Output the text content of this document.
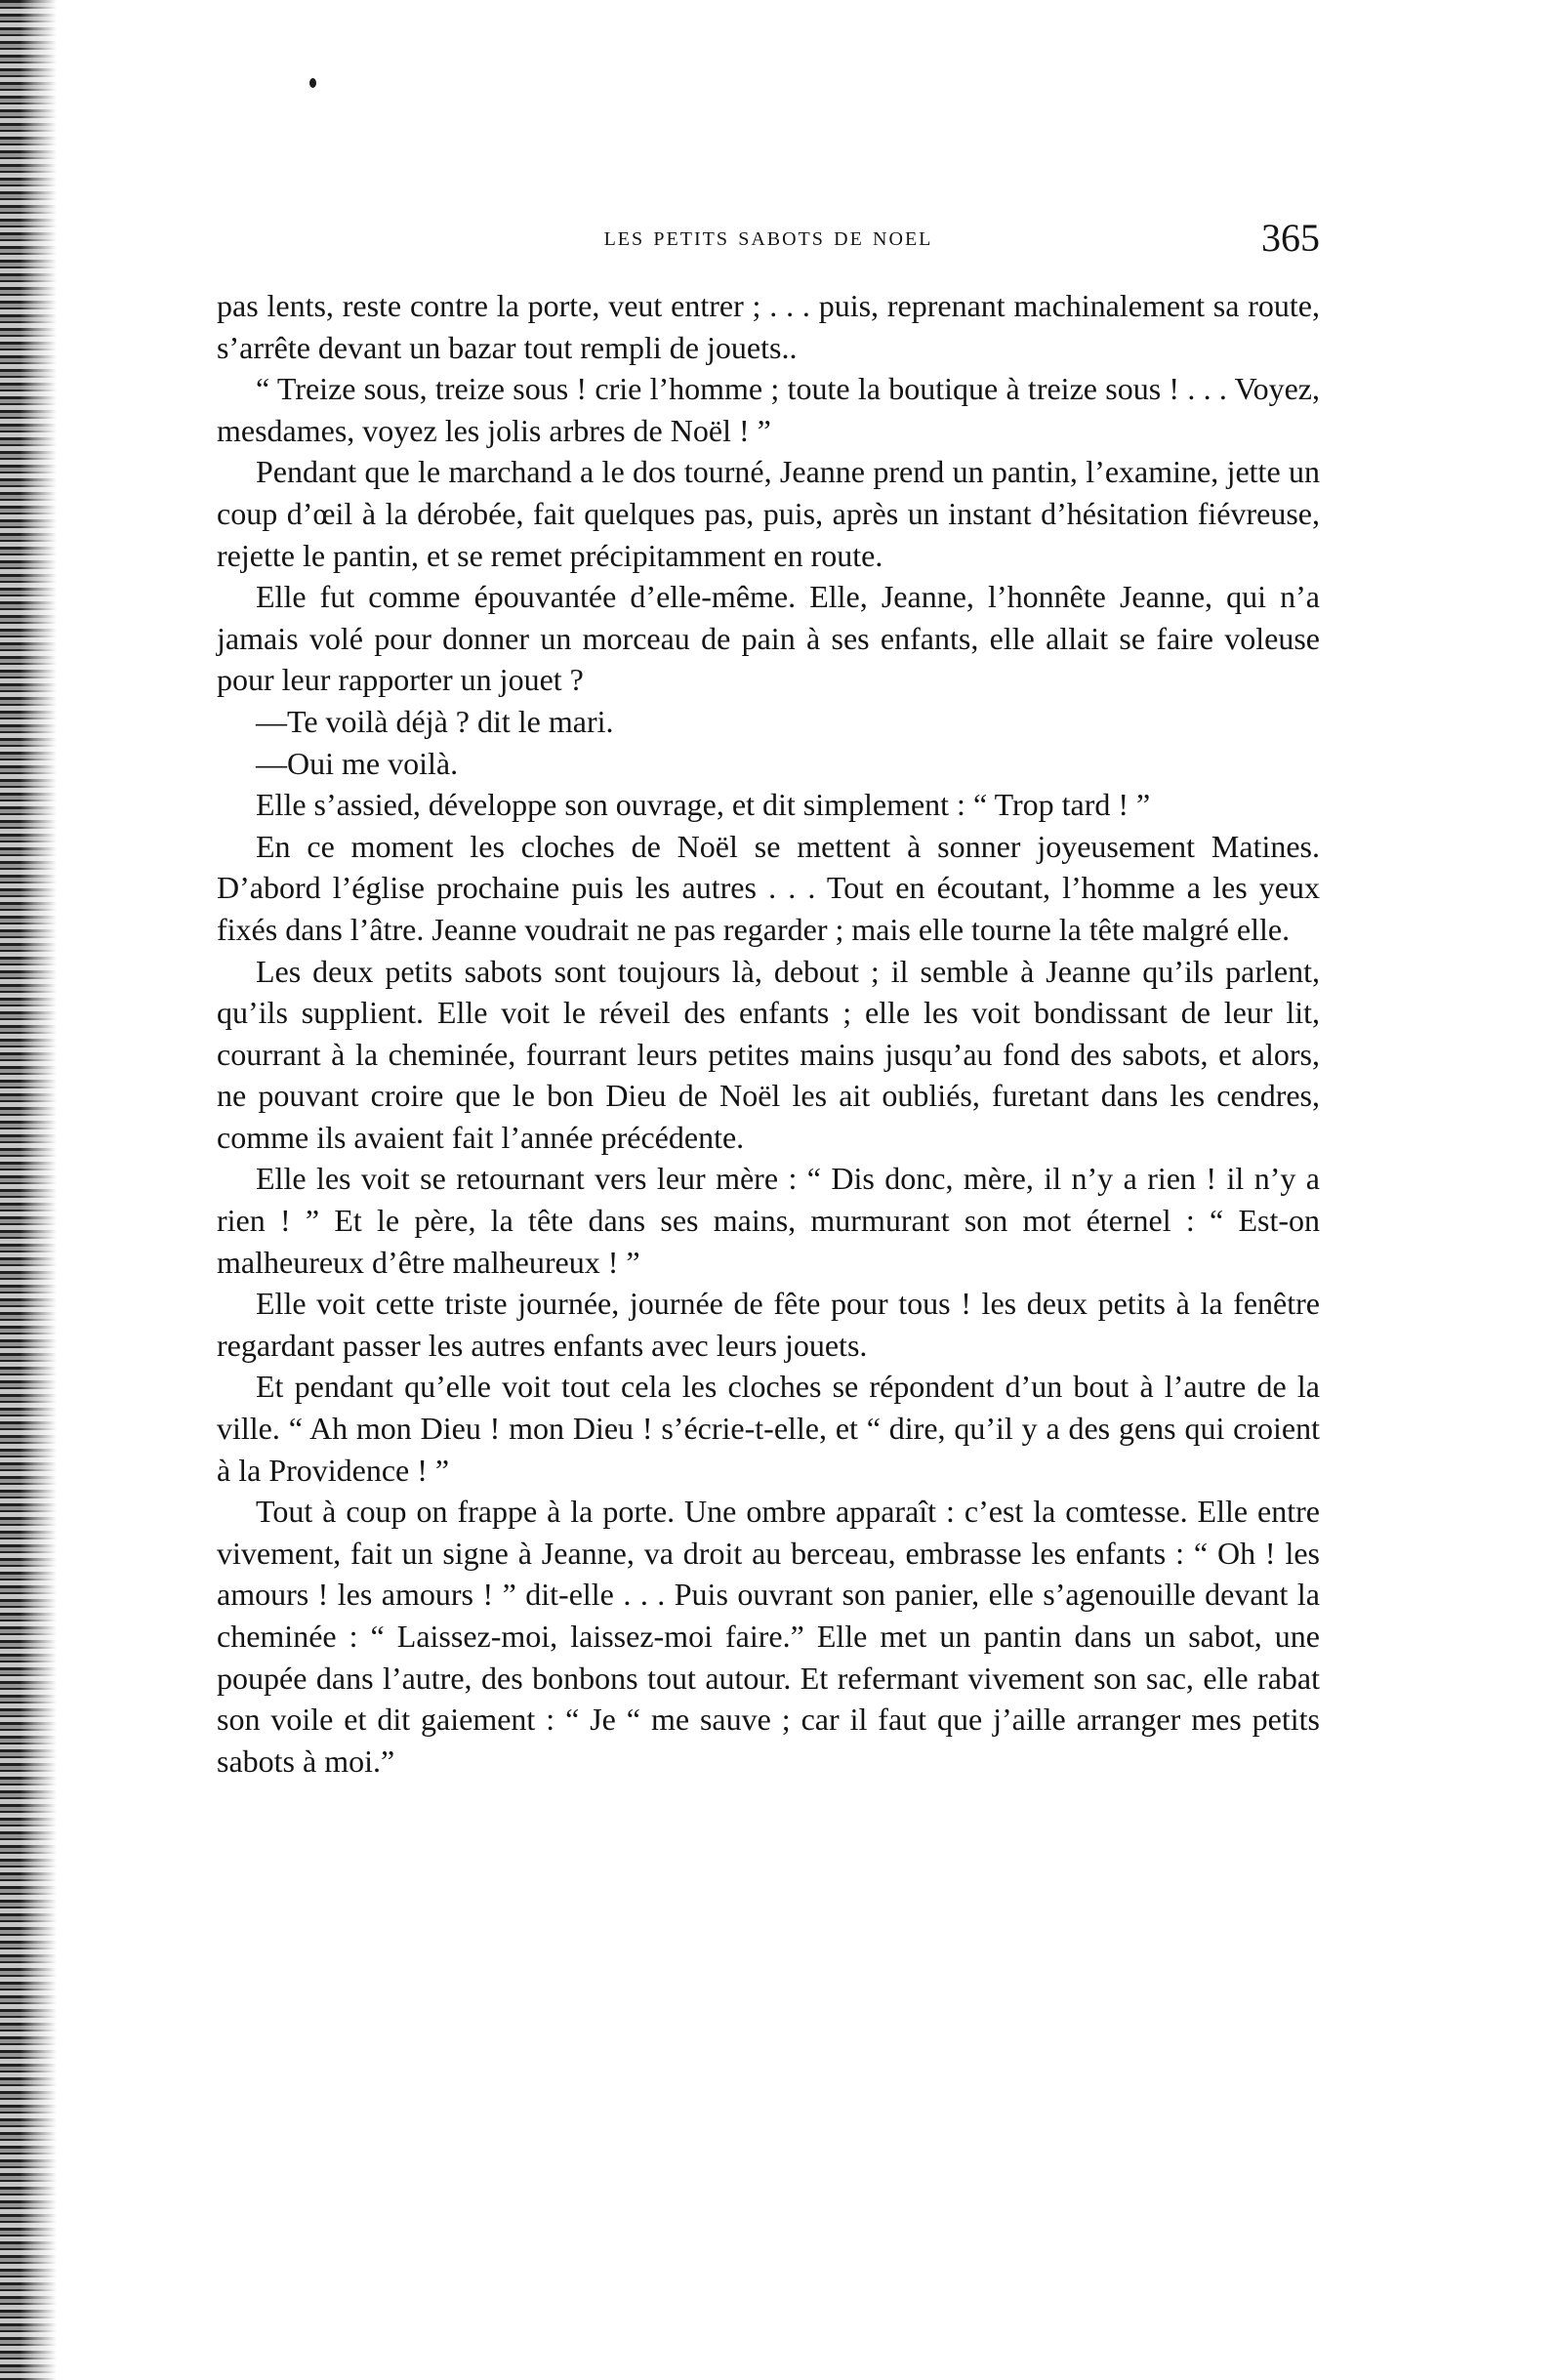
les petits sabots de noel	365

pas lents, reste contre la porte, veut entrer ; . . . puis, reprenant machinalement sa route, s’arrête devant un bazar tout rempli de jouets..

“ Treize sous, treize sous ! crie l’homme ; toute la boutique à treize sous ! . . . Voyez, mesdames, voyez les jolis arbres de Noël ! ”

Pendant que le marchand a le dos tourné, Jeanne prend un pantin, l’examine, jette un coup d’œil à la dérobée, fait quelques pas, puis, après un instant d’hésitation fiévreuse, rejette le pantin, et se remet précipitamment en route.

Elle fut comme épouvantée d’elle-même. Elle, Jeanne, l’honnête Jeanne, qui n’a jamais volé pour donner un morceau de pain à ses enfants, elle allait se faire voleuse pour leur rapporter un jouet ?

—Te voilà déjà ? dit le mari.

—Oui me voilà.

Elle s’assied, développe son ouvrage, et dit simplement : “ Trop tard ! ”

En ce moment les cloches de Noël se mettent à sonner joyeusement Matines. D’abord l’église prochaine puis les autres . . . Tout en écoutant, l’homme a les yeux fixés dans l’âtre. Jeanne voudrait ne pas regarder ; mais elle tourne la tête malgré elle.

Les deux petits sabots sont toujours là, debout ; il semble à Jeanne qu’ils parlent, qu’ils supplient. Elle voit le réveil des enfants ; elle les voit bondissant de leur lit, courrant à la cheminée, fourrant leurs petites mains jusqu’au fond des sabots, et alors, ne pouvant croire que le bon Dieu de Noël les ait oubliés, furetant dans les cendres, comme ils avaient fait l’année précédente.

Elle les voit se retournant vers leur mère : “ Dis donc, mère, il n’y a rien ! il n’y a rien ! ” Et le père, la tête dans ses mains, murmurant son mot éternel : “ Est-on malheureux d’être malheureux ! ”

Elle voit cette triste journée, journée de fête pour tous ! les deux petits à la fenêtre regardant passer les autres enfants avec leurs jouets.

Et pendant qu’elle voit tout cela les cloches se répondent d’un bout à l’autre de la ville. “ Ah mon Dieu ! mon Dieu ! s’écrie-t-elle, et “ dire, qu’il y a des gens qui croient à la Providence ! ”

Tout à coup on frappe à la porte. Une ombre apparaît : c’est la comtesse. Elle entre vivement, fait un signe à Jeanne, va droit au berceau, embrasse les enfants : “ Oh ! les amours ! les amours ! ” dit-elle . . . Puis ouvrant son panier, elle s’agenouille devant la cheminée : “ Laissez-moi, laissez-moi faire.” Elle met un pantin dans un sabot, une poupée dans l’autre, des bonbons tout autour. Et refermant vivement son sac, elle rabat son voile et dit gaiement : “ Je “ me sauve ; car il faut que j’aille arranger mes petits sabots à moi.”
